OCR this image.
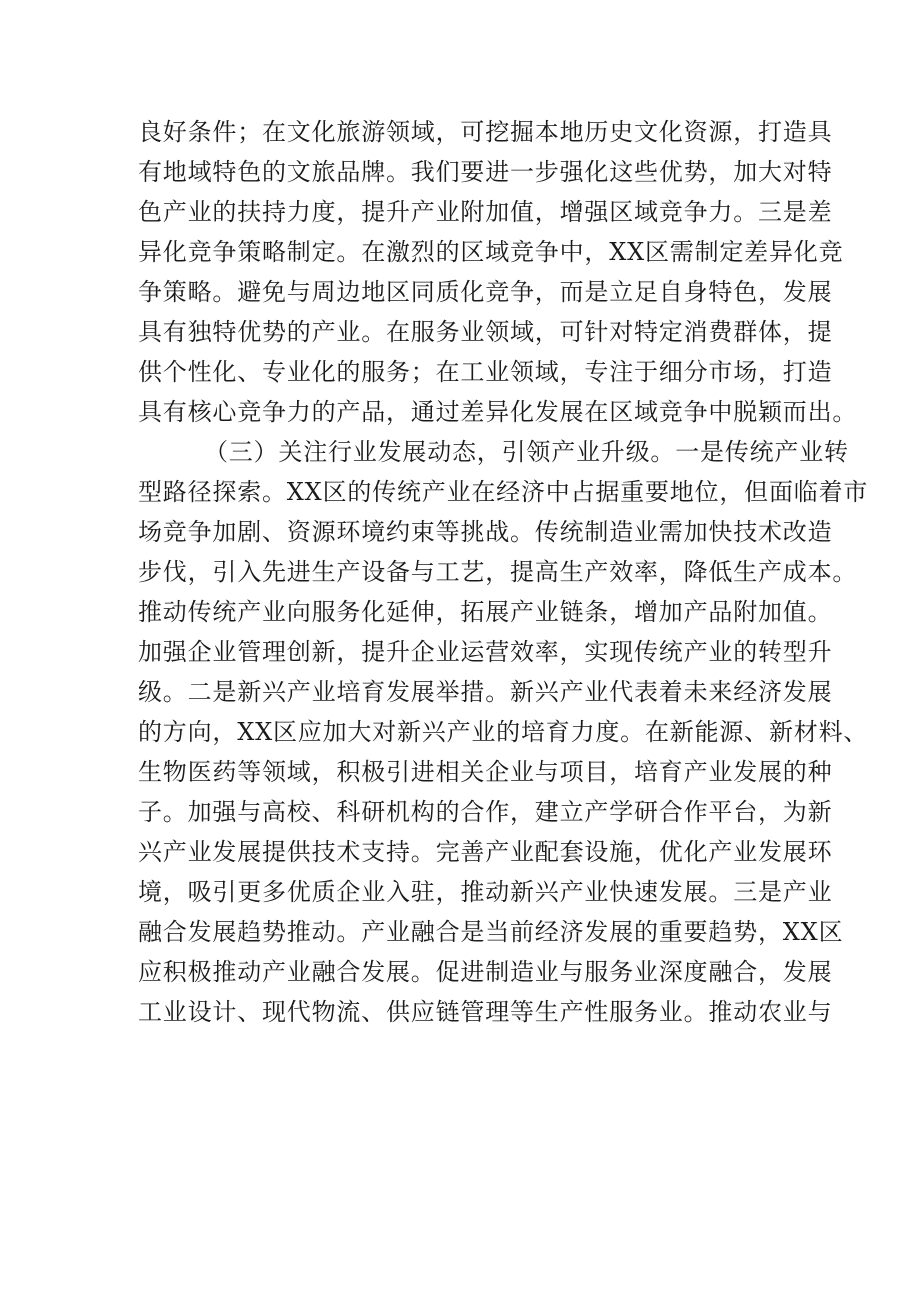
良好条件；在文化旅游领域，可挖掘本地历史文化资源，打造具
有地域特色的文旅品牌。我们要进一步强化这些优势，加大对特
色产业的扶持力度，提升产业附加值，增强区域竞争力。三是差
异化竞争策略制定。在激烈的区域竞争中，XX区需制定差异化竞
争策略。避免与周边地区同质化竞争，而是立足自身特色，发展
具有独特优势的产业。在服务业领域，可针对特定消费群体，提
供个性化、专业化的服务；在工业领域，专注于细分市场，打造
具有核心竞争力的产品，通过差异化发展在区域竞争中脱颖而出。
（三）关注行业发展动态，引领产业升级。一是传统产业转
型路径探索。XX区的传统产业在经济中占据重要地位，但面临着市
场竞争加剧、资源环境约束等挑战。传统制造业需加快技术改造
步伐，引入先进生产设备与工艺，提高生产效率，降低生产成本。
推动传统产业向服务化延伸，拓展产业链条，增加产品附加值。
加强企业管理创新，提升企业运营效率，实现传统产业的转型升
级。二是新兴产业培育发展举措。新兴产业代表着未来经济发展
的方向，XX区应加大对新兴产业的培育力度。在新能源、新材料、
生物医药等领域，积极引进相关企业与项目，培育产业发展的种
子。加强与高校、科研机构的合作，建立产学研合作平台，为新
兴产业发展提供技术支持。完善产业配套设施，优化产业发展环
境，吸引更多优质企业入驻，推动新兴产业快速发展。三是产业
融合发展趋势推动。产业融合是当前经济发展的重要趋势，XX区
应积极推动产业融合发展。促进制造业与服务业深度融合，发展
工业设计、现代物流、供应链管理等生产性服务业。推动农业与
